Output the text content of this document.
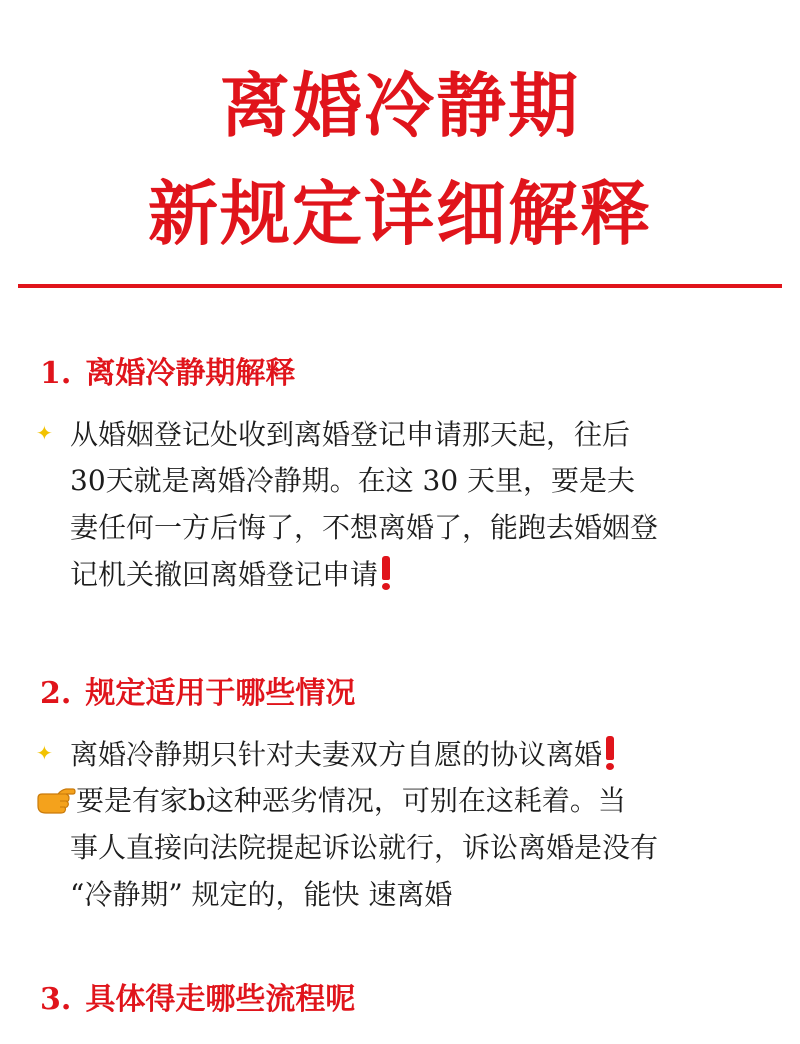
离婚冷静期
新规定详细解释
1. 离婚冷静期解释
✦ 从婚姻登记处收到离婚登记申请那天起，往后
30天就是离婚冷静期。在这 30 天里，要是夫
妻任何一方后悔了，不想离婚了，能跑去婚姻登
记机关撤回离婚登记申请
2. 规定适用于哪些情况
✦ 离婚冷静期只针对夫妻双方自愿的协议离婚
要是有家b这种恶劣情况，可别在这耗着。当
事人直接向法院提起诉讼就行，诉讼离婚是没有
“冷静期” 规定的，能快 速离婚
3. 具体得走哪些流程呢
